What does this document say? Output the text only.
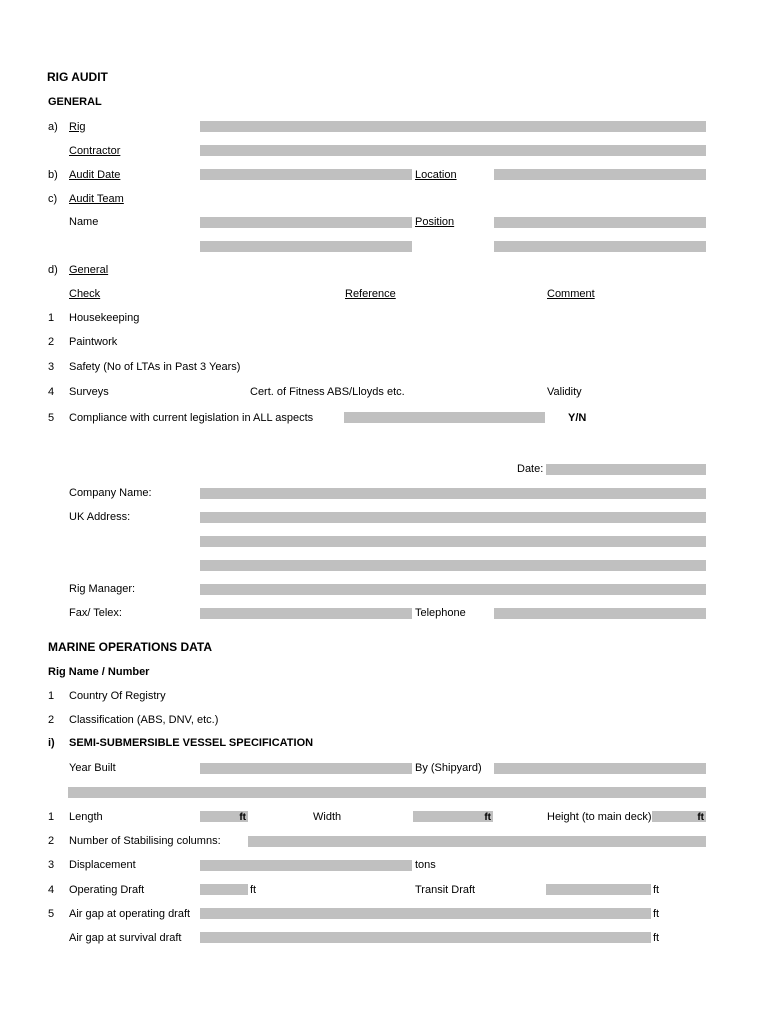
RIG AUDIT
GENERAL
a) Rig
Contractor
b) Audit Date	Location
c) Audit Team
Name	Position
d) General
Check	Reference	Comment
1 Housekeeping
2 Paintwork
3 Safety (No of LTAs in Past 3 Years)
4 Surveys	Cert. of Fitness ABS/Lloyds etc.	Validity
5 Compliance with current legislation in ALL aspects	Y/N
Date:
Company Name:
UK Address:
Rig Manager:
Fax/ Telex:	Telephone
MARINE OPERATIONS DATA
Rig Name / Number
1 Country Of Registry
2 Classification (ABS, DNV, etc.)
i) SEMI-SUBMERSIBLE VESSEL SPECIFICATION
Year Built	By (Shipyard)
1 Length	ft	Width	ft	Height (to main deck)	ft
2 Number of Stabilising columns:
3 Displacement	tons
4 Operating Draft	ft	Transit Draft	ft
5 Air gap at operating draft	ft
Air gap at survival draft	ft
